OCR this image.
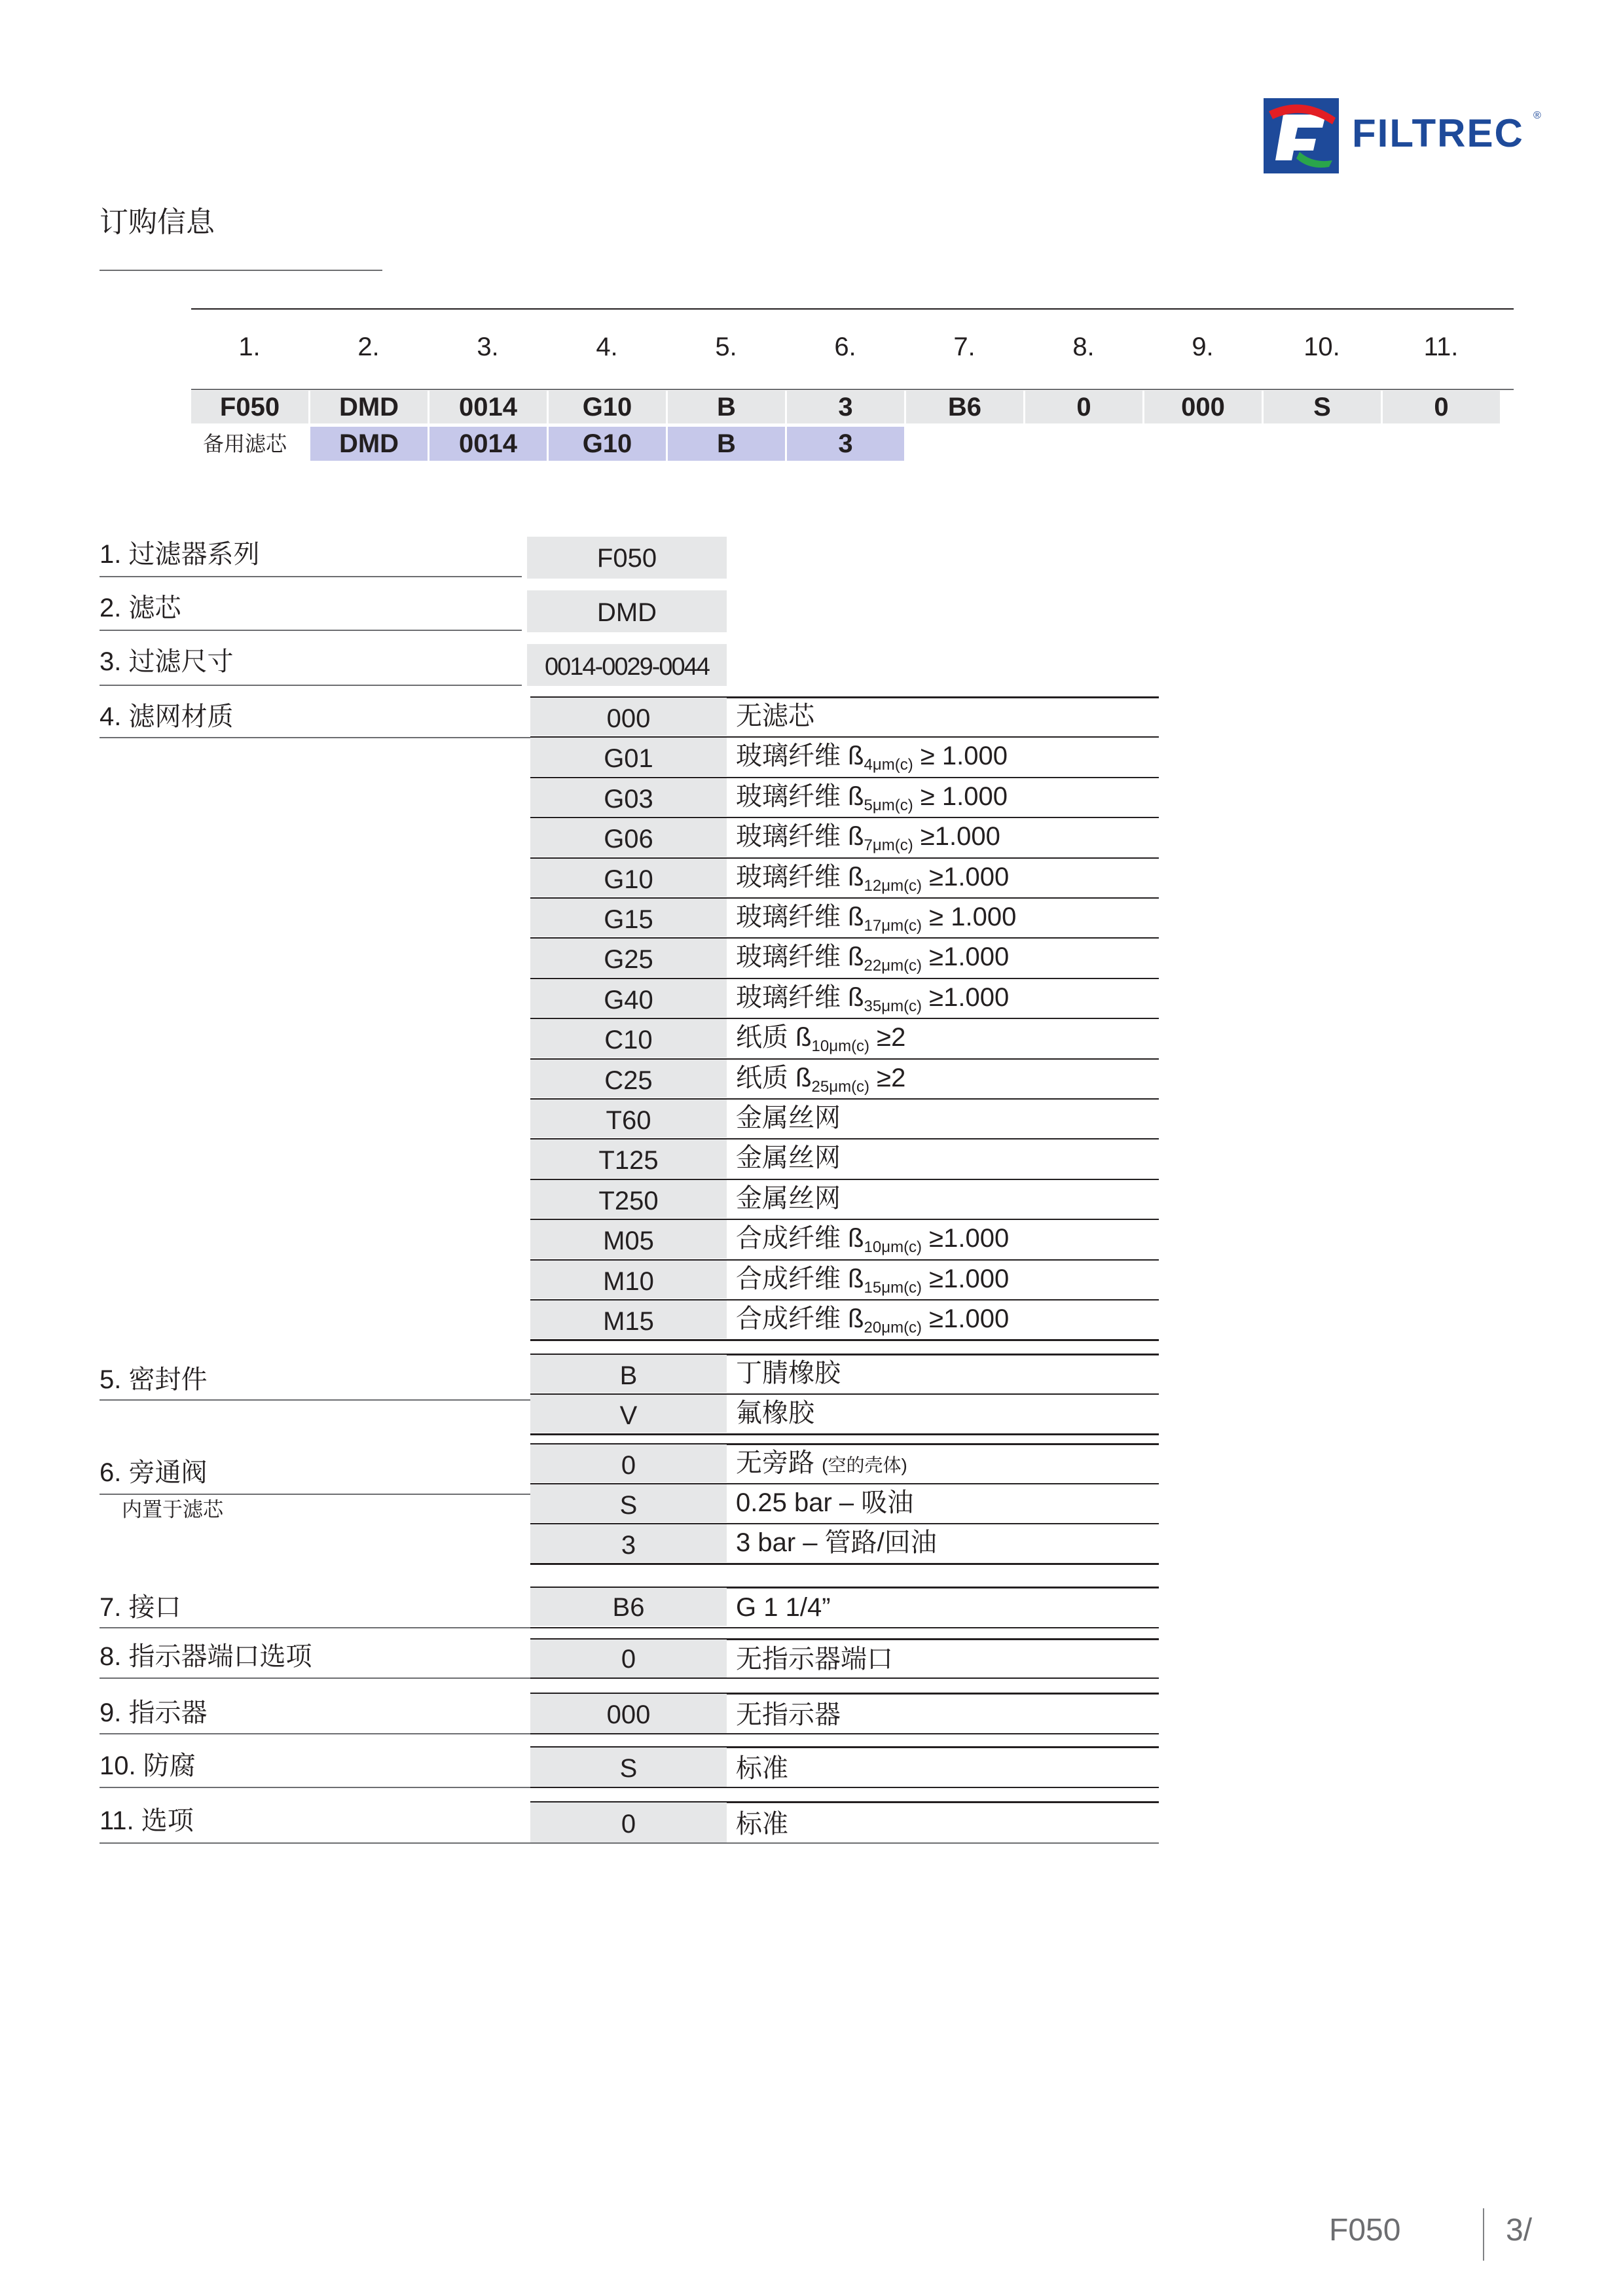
FILTREC ®
订购信息
1.	2.	3.	4.	5.	6.	7.	8.	9.	10.	11.
F050	DMD	0014	G10	B	3	B6	0	000	S	0
备用滤芯	DMD	0014	G10	B	3
1. 过滤器系列	F050
2. 滤芯	DMD
3. 过滤尺寸	0014-0029-0044
4. 滤网材质	000	无滤芯
G01	玻璃纤维 $ß_{4\mu m(c)} \ge 1.000$
G03	玻璃纤维 $ß_{5\mu m(c)} \ge 1.000$
G06	玻璃纤维 $ß_{7\mu m(c)} \ge 1.000$
G10	玻璃纤维 $ß_{12\mu m(c)} \ge 1.000$
G15	玻璃纤维 $ß_{17\mu m(c)} \ge 1.000$
G25	玻璃纤维 $ß_{22\mu m(c)} \ge 1.000$
G40	玻璃纤维 $ß_{35\mu m(c)} \ge 1.000$
C10	纸质 $ß_{10\mu m(c)} \ge 2$
C25	纸质 $ß_{25\mu m(c)} \ge 2$
T60	金属丝网
T125	金属丝网
T250	金属丝网
M05	合成纤维 $ß_{10\mu m(c)} \ge 1.000$
M10	合成纤维 $ß_{15\mu m(c)} \ge 1.000$
M15	合成纤维 $ß_{20\mu m(c)} \ge 1.000$
5. 密封件	B	丁腈橡胶
V	氟橡胶
6. 旁通阀
内置于滤芯
0	无旁路 (空的壳体)
S	0.25 bar – 吸油
3	3 bar – 管路/回油
7. 接口	B6	G 1 1/4”
8. 指示器端口选项	0	无指示器端口
9. 指示器	000	无指示器
10. 防腐	S	标准
11. 选项	0	标准
F050	3/
